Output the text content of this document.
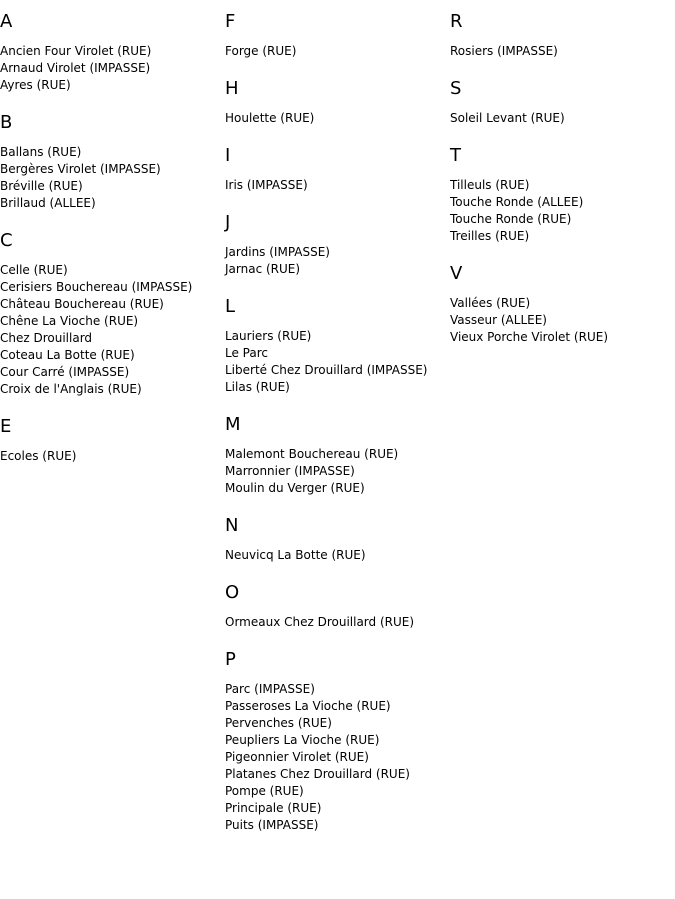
A
Ancien Four Virolet (RUE)
Arnaud Virolet (IMPASSE)
Ayres (RUE)
B
Ballans (RUE)
Bergères Virolet (IMPASSE)
Bréville (RUE)
Brillaud (ALLEE)
C
Celle (RUE)
Cerisiers Bouchereau (IMPASSE)
Château Bouchereau (RUE)
Chêne La Vioche (RUE)
Chez Drouillard
Coteau La Botte (RUE)
Cour Carré (IMPASSE)
Croix de l'Anglais (RUE)
E
Ecoles (RUE)
F
Forge (RUE)
H
Houlette (RUE)
I
Iris (IMPASSE)
J
Jardins (IMPASSE)
Jarnac (RUE)
L
Lauriers (RUE)
Le Parc
Liberté Chez Drouillard (IMPASSE)
Lilas (RUE)
M
Malemont Bouchereau (RUE)
Marronnier (IMPASSE)
Moulin du Verger (RUE)
N
Neuvicq La Botte (RUE)
O
Ormeaux Chez Drouillard (RUE)
P
Parc (IMPASSE)
Passeroses La Vioche (RUE)
Pervenches (RUE)
Peupliers La Vioche (RUE)
Pigeonnier Virolet (RUE)
Platanes Chez Drouillard (RUE)
Pompe (RUE)
Principale (RUE)
Puits (IMPASSE)
R
Rosiers (IMPASSE)
S
Soleil Levant (RUE)
T
Tilleuls (RUE)
Touche Ronde (ALLEE)
Touche Ronde (RUE)
Treilles (RUE)
V
Vallées (RUE)
Vasseur (ALLEE)
Vieux Porche Virolet (RUE)
